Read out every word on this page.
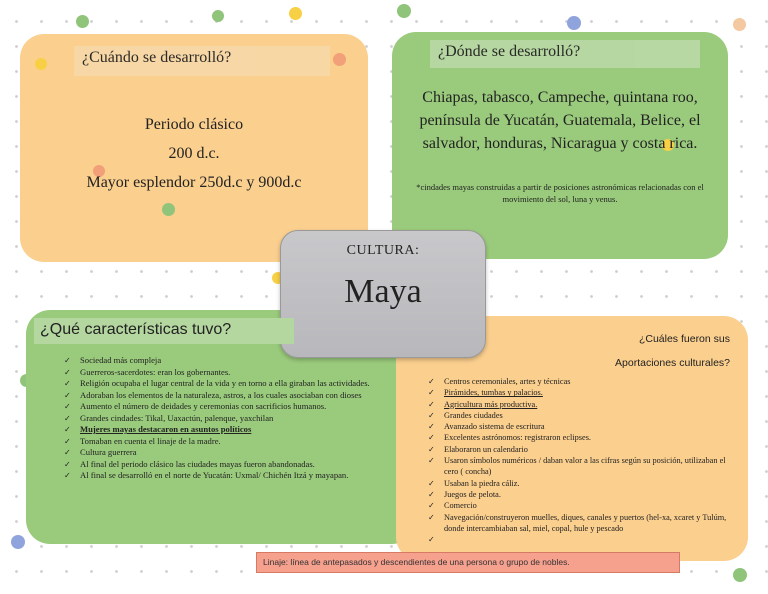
¿Cuándo se desarrolló?
Periodo clásico
200 d.c.
Mayor esplendor 250d.c y 900d.c
¿Dónde se desarrolló?
Chiapas, tabasco, Campeche, quintana roo, península de Yucatán, Guatemala, Belice, el salvador, honduras, Nicaragua y costa rica.
*cindades mayas construidas a partir de posiciones astronómicas relacionadas con el movimiento del sol, luna y venus.
CULTURA:
Maya
¿Qué características tuvo?
✓ Sociedad más compleja
✓ Guerreros-sacerdotes: eran los gobernantes.
✓ Religión ocupaba el lugar central de la vida y en torno a ella giraban las actividades.
✓ Adoraban los elementos de la naturaleza, astros, a los cuales asociaban con dioses
✓ Aumento el número de deidades y ceremonias con sacrificios humanos.
✓ Grandes cindades: Tikal, Uaxactún, palenque, yaxchilan
✓ Mujeres mayas destacaron en asuntos políticos
✓ Tomaban en cuenta el linaje de la madre.
✓ Cultura guerrera
✓ Al final del periodo clásico las ciudades mayas fueron abandonadas.
✓ Al final se desarrolló en el norte de Yucatán: Uxmal/ Chichén Itzá y mayapan.
¿Cuáles fueron sus
Aportaciones culturales?
✓ Centros ceremoniales, artes y técnicas
✓ Pirámides, tumbas y palacios.
✓ Agricultura más productiva.
✓ Grandes ciudades
✓ Avanzado sistema de escritura
✓ Excelentes astrónomos: registraron eclipses.
✓ Elaboraron un calendario
✓ Usaron símbolos numéricos / daban valor a las cifras según su posición, utilizaban el cero ( concha)
✓ Usaban la piedra cáliz.
✓ Juegos de pelota.
✓ Comercio
✓ Navegación/construyeron muelles, diques, canales y puertos (hel-xa, xcaret y Tulúm, donde intercambiaban sal, miel, copal, hule y pescado
✓
Linaje: línea de antepasados y descendientes de una persona o grupo de nobles.
